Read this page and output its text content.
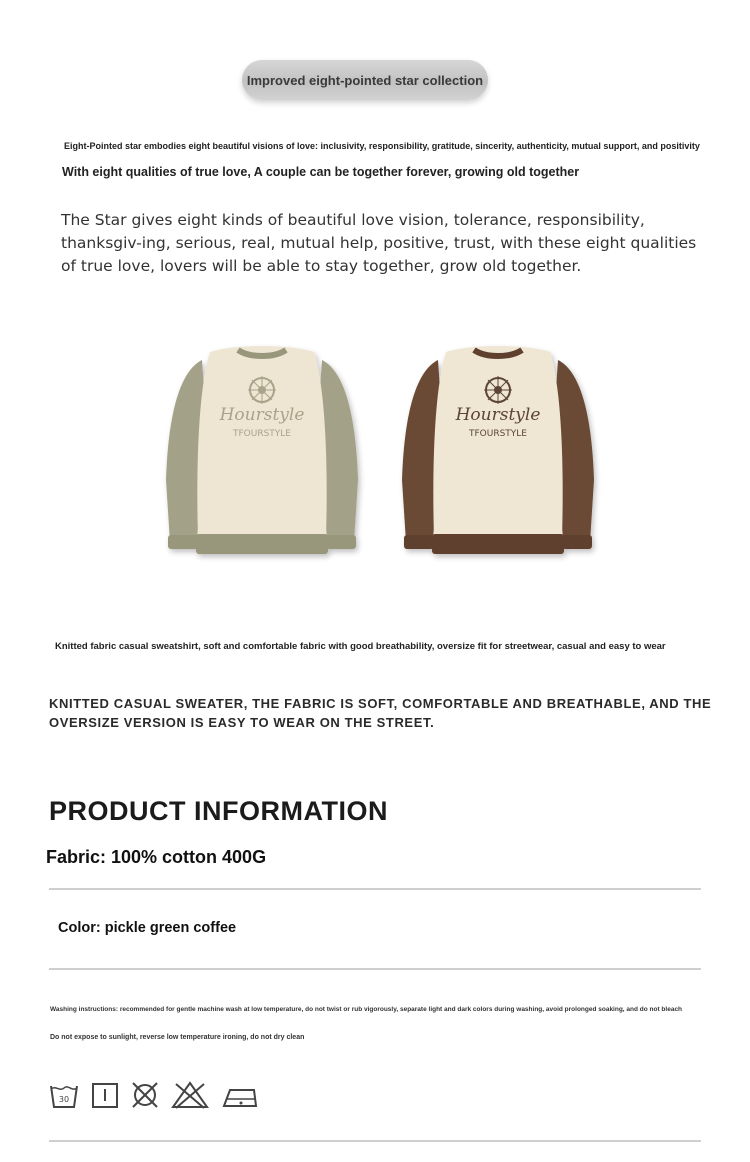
Improved eight-pointed star collection
Eight-Pointed star embodies eight beautiful visions of love: inclusivity, responsibility, gratitude, sincerity, authenticity, mutual support, and positivity
With eight qualities of true love, A couple can be together forever, growing old together
The Star gives eight kinds of beautiful love vision, tolerance, responsibility, thanksgiv-ing, serious, real, mutual help, positive, trust, with these eight qualities of true love, lovers will be able to stay together, grow old together.
Hourstyle
TFOURSTYLE
Hourstyle
TFOURSTYLE
Knitted fabric casual sweatshirt, soft and comfortable fabric with good breathability, oversize fit for streetwear, casual and easy to wear
KNITTED CASUAL SWEATER, THE FABRIC IS SOFT, COMFORTABLE AND BREATHABLE, AND THE OVERSIZE VERSION IS EASY TO WEAR ON THE STREET.
PRODUCT INFORMATION
Fabric: 100% cotton 400G
Color: pickle green coffee
Washing instructions: recommended for gentle machine wash at low temperature, do not twist or rub vigorously, separate light and dark colors during washing, avoid prolonged soaking, and do not bleach
Do not expose to sunlight, reverse low temperature ironing, do not dry clean
30
